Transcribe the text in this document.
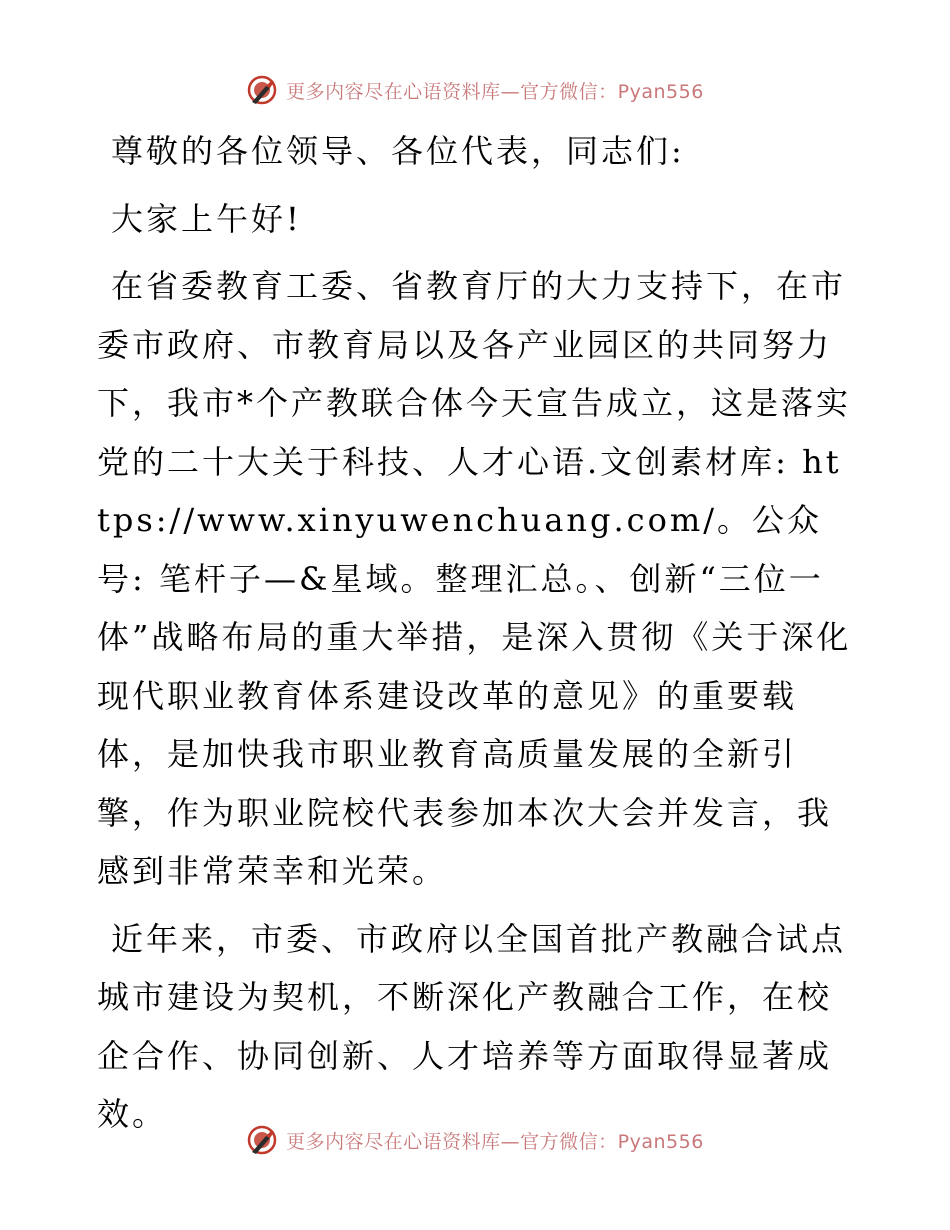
更多内容尽在心语资料库—官方微信：Pyan556

尊敬的各位领导、各位代表，同志们:

大家上午好!

在省委教育工委、省教育厅的大力支持下，在市委市政府、市教育局以及各产业园区的共同努力下，我市*个产教联合体今天宣告成立，这是落实党的二十大关于科技、人才心语.文创素材库: https://www.xinyuwenchuang.com/。公众号: 笔杆子—&星域。整理汇总。、创新“三位一体”战略布局的重大举措，是深入贯彻《关于深化现代职业教育体系建设改革的意见》的重要载体，是加快我市职业教育高质量发展的全新引擎，作为职业院校代表参加本次大会并发言，我感到非常荣幸和光荣。

近年来，市委、市政府以全国首批产教融合试点城市建设为契机，不断深化产教融合工作，在校企合作、协同创新、人才培养等方面取得显著成效。

更多内容尽在心语资料库—官方微信：Pyan556
